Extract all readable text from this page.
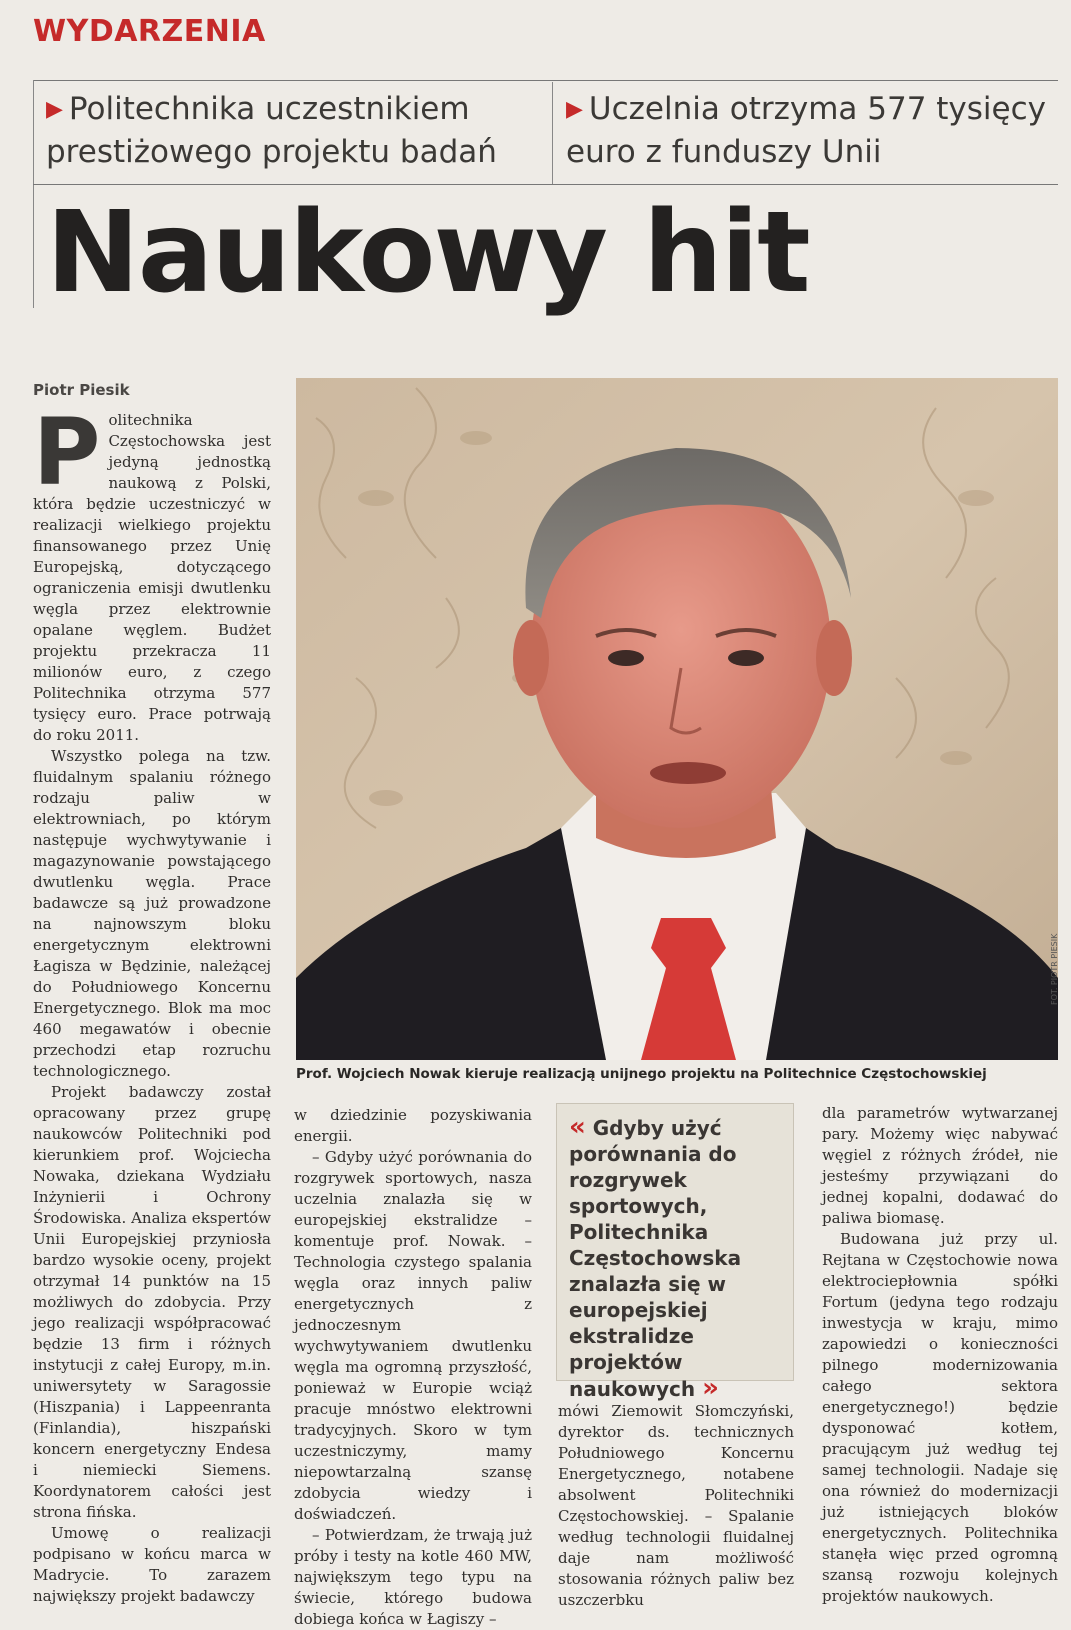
WYDARZENIA
▶ Politechnika uczestnikiem prestiżowego projektu badań
▶ Uczelnia otrzyma 577 tysięcy euro z funduszy Unii
Naukowy hit
Piotr Piesik

Politechnika Częstochowska jest jedyną jednostką naukową z Polski, która będzie uczestniczyć w realizacji wielkiego projektu finansowanego przez Unię Europejską, dotyczącego ograniczenia emisji dwutlenku węgla przez elektrownie opalane węglem. Budżet projektu przekracza 11 milionów euro, z czego Politechnika otrzyma 577 tysięcy euro. Prace potrwają do roku 2011.

Wszystko polega na tzw. fluidalnym spalaniu różnego rodzaju paliw w elektrowniach, po którym następuje wychwytywanie i magazynowanie powstającego dwutlenku węgla. Prace badawcze są już prowadzone na najnowszym bloku energetycznym elektrowni Łagisza w Będzinie, należącej do Południowego Koncernu Energetycznego. Blok ma moc 460 megawatów i obecnie przechodzi etap rozruchu technologicznego.

Projekt badawczy został opracowany przez grupę naukowców Politechniki pod kierunkiem prof. Wojciecha Nowaka, dziekana Wydziału Inżynierii i Ochrony Środowiska. Analiza ekspertów Unii Europejskiej przyniosła bardzo wysokie oceny, projekt otrzymał 14 punktów na 15 możliwych do zdobycia. Przy jego realizacji współpracować będzie 13 firm i różnych instytucji z całej Europy, m.in. uniwersytety w Saragossie (Hiszpania) i Lappeenranta (Finlandia), hiszpański koncern energetyczny Endesa i niemiecki Siemens. Koordynatorem całości jest strona fińska.

Umowę o realizacji podpisano w końcu marca w Madrycie. To zarazem największy projekt badawczy

FOT. PIOTR PIESIK
Prof. Wojciech Nowak kieruje realizacją unijnego projektu na Politechnice Częstochowskiej

w dziedzinie pozyskiwania energii.

– Gdyby użyć porównania do rozgrywek sportowych, nasza uczelnia znalazła się w europejskiej ekstralidze – komentuje prof. Nowak. – Technologia czystego spalania węgla oraz innych paliw energetycznych z jednoczesnym wychwytywaniem dwutlenku węgla ma ogromną przyszłość, ponieważ w Europie wciąż pracuje mnóstwo elektrowni tradycyjnych. Skoro w tym uczestniczymy, mamy niepowtarzalną szansę zdobycia wiedzy i doświadczeń.

– Potwierdzam, że trwają już próby i testy na kotle 460 MW, największym tego typu na świecie, którego budowa dobiega końca w Łagiszy –

« Gdyby użyć porównania do rozgrywek sportowych, Politechnika Częstochowska znalazła się w europejskiej ekstralidze projektów naukowych »

mówi Ziemowit Słomczyński, dyrektor ds. technicznych Południowego Koncernu Energetycznego, notabene absolwent Politechniki Częstochowskiej. – Spalanie według technologii fluidalnej daje nam możliwość stosowania różnych paliw bez uszczerbku

dla parametrów wytwarzanej pary. Możemy więc nabywać węgiel z różnych źródeł, nie jesteśmy przywiązani do jednej kopalni, dodawać do paliwa biomasę.

Budowana już przy ul. Rejtana w Częstochowie nowa elektrociepłownia spółki Fortum (jedyna tego rodzaju inwestycja w kraju, mimo zapowiedzi o konieczności pilnego modernizowania całego sektora energetycznego!) będzie dysponować kotłem, pracującym już według tej samej technologii. Nadaje się ona również do modernizacji już istniejących bloków energetycznych. Politechnika stanęła więc przed ogromną szansą rozwoju kolejnych projektów naukowych.
